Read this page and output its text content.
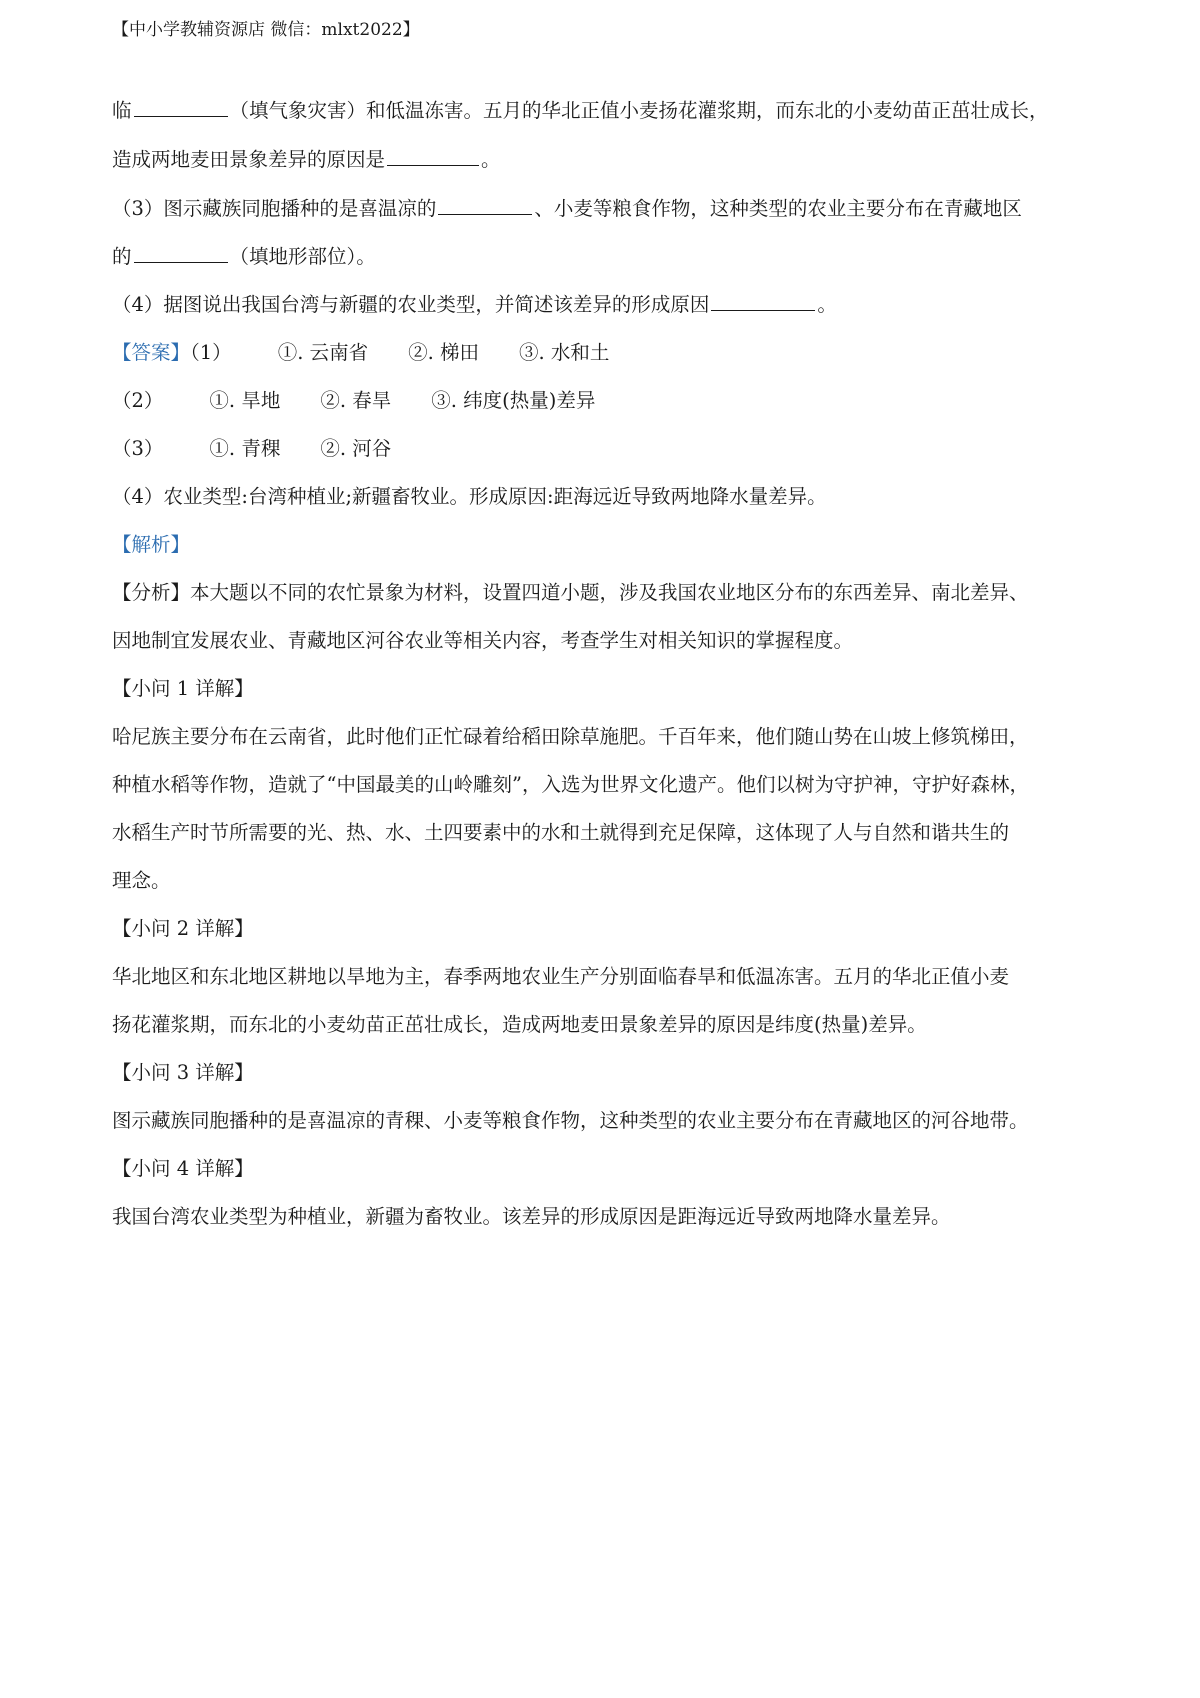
【中小学教辅资源店 微信：mlxt2022】
临	（填气象灾害）和低温冻害。五月的华北正值小麦扬花灌浆期，而东北的小麦幼苗正茁壮成长，
造成两地麦田景象差异的原因是	。
（3）图示藏族同胞播种的是喜温凉的	、小麦等粮食作物，这种类型的农业主要分布在青藏地区
的	（填地形部位）。
（4）据图说出我国台湾与新疆的农业类型，并简述该差异的形成原因	。
【答案】（1） ①. 云南省 ②. 梯田 ③. 水和土
（2） ①. 旱地 ②. 春旱 ③. 纬度(热量)差异
（3） ①. 青稞 ②. 河谷
（4）农业类型:台湾种植业;新疆畜牧业。形成原因:距海远近导致两地降水量差异。
【解析】
【分析】本大题以不同的农忙景象为材料，设置四道小题，涉及我国农业地区分布的东西差异、南北差异、
因地制宜发展农业、青藏地区河谷农业等相关内容，考查学生对相关知识的掌握程度。
【小问 1 详解】
哈尼族主要分布在云南省，此时他们正忙碌着给稻田除草施肥。千百年来，他们随山势在山坡上修筑梯田，
种植水稻等作物，造就了“中国最美的山岭雕刻”，入选为世界文化遗产。他们以树为守护神，守护好森林，
水稻生产时节所需要的光、热、水、土四要素中的水和土就得到充足保障，这体现了人与自然和谐共生的
理念。
【小问 2 详解】
华北地区和东北地区耕地以旱地为主，春季两地农业生产分别面临春旱和低温冻害。五月的华北正值小麦
扬花灌浆期，而东北的小麦幼苗正茁壮成长，造成两地麦田景象差异的原因是纬度(热量)差异。
【小问 3 详解】
图示藏族同胞播种的是喜温凉的青稞、小麦等粮食作物，这种类型的农业主要分布在青藏地区的河谷地带。
【小问 4 详解】
我国台湾农业类型为种植业，新疆为畜牧业。该差异的形成原因是距海远近导致两地降水量差异。
